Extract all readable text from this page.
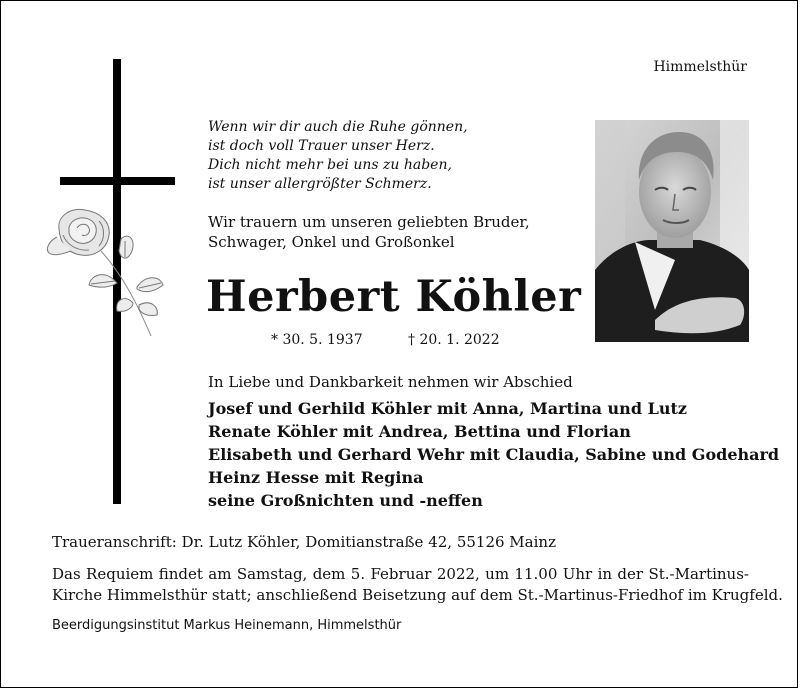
Himmelsthür
Wenn wir dir auch die Ruhe gönnen,
ist doch voll Trauer unser Herz.
Dich nicht mehr bei uns zu haben,
ist unser allergrößter Schmerz.
Wir trauern um unseren geliebten Bruder,
Schwager, Onkel und Großonkel
Herbert Köhler
* 30. 5. 1937	† 20. 1. 2022
In Liebe und Dankbarkeit nehmen wir Abschied
Josef und Gerhild Köhler mit Anna, Martina und Lutz
Renate Köhler mit Andrea, Bettina und Florian
Elisabeth und Gerhard Wehr mit Claudia, Sabine und Godehard
Heinz Hesse mit Regina
seine Großnichten und -neffen
Traueranschrift: Dr. Lutz Köhler, Domitianstraße 42, 55126 Mainz
Das Requiem findet am Samstag, dem 5. Februar 2022, um 11.00 Uhr in der St.-Martinus-
Kirche Himmelsthür statt; anschließend Beisetzung auf dem St.-Martinus-Friedhof im Krugfeld.
Beerdigungsinstitut Markus Heinemann, Himmelsthür
